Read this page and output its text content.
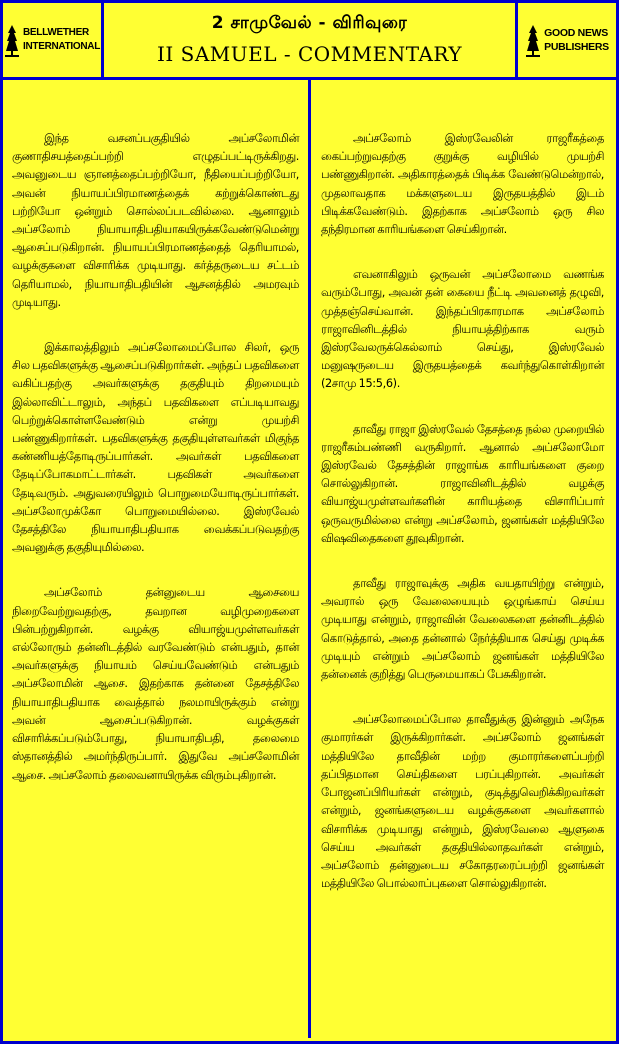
BELLWETHER
INTERNATIONAL
2 சாமுவேல் - விரிவுரை
II SAMUEL - COMMENTARY
GOOD NEWS
PUBLISHERS

இந்த வசனப்பகுதியில் அப்சலோமின் குணாதிசயத்தைப்பற்றி எழுதப்பட்டிருக்கிறது. அவனுடைய ஞானத்தைப்பற்றியோ, நீதியைப்பற்றியோ, அவன் நியாயப்பிரமாணத்தைக் கற்றுக்கொண்டது பற்றியோ ஒன்றும் சொல்லப்படவில்லை. ஆனாலும் அப்சலோம் நியாயாதிபதியாகயிருக்கவேண்டுமென்று ஆசைப்படுகிறான். நியாயப்பிரமாணத்தைத் தெரியாமல், வழக்குகளை விசாரிக்க முடியாது. கர்த்தருடைய சட்டம் தெரியாமல், நியாயாதிபதியின் ஆசனத்தில் அமரவும் முடியாது.

இக்காலத்திலும் அப்சலோமைப்போல சிலர், ஒரு சில பதவிகளுக்கு ஆசைப்படுகிறார்கள். அந்தப் பதவிகளை வகிப்பதற்கு அவர்களுக்கு தகுதியும் திறமையும் இல்லாவிட்டாலும், அந்தப் பதவிகளை எப்படியாவது பெற்றுக்கொள்ளவேண்டும் என்று முயற்சி பண்ணுகிறார்கள். பதவிகளுக்கு தகுதியுள்ளவர்கள் மிகுந்த கண்ணியத்தோடிருப்பார்கள். அவர்கள் பதவிகளை தேடிப்போகமாட்டார்கள். பதவிகள் அவர்களை தேடிவரும். அதுவரையிலும் பொறுமையோடிருப்பார்கள். அப்சலோமுக்கோ பொறுமையில்லை. இஸ்ரவேல் தேசத்திலே நியாயாதிபதியாக வைக்கப்படுவதற்கு அவனுக்கு தகுதியுமில்லை.

அப்சலோம் தன்னுடைய ஆசையை நிறைவேற்றுவதற்கு, தவறான வழிமுறைகளை பின்பற்றுகிறான். வழக்கு வியாஜ்யமுள்ளவர்கள் எல்லோரும் தன்னிடத்தில் வரவேண்டும் என்பதும், தான் அவர்களுக்கு நியாயம் செய்யவேண்டும் என்பதும் அப்சலோமின் ஆசை. இதற்காக தன்னை தேசத்திலே நியாயாதிபதியாக வைத்தால் நலமாயிருக்கும் என்று அவன் ஆசைப்படுகிறான். வழக்குகள் விசாரிக்கப்படும்போது, நியாயாதிபதி, தலைமை ஸ்தானத்தில் அமர்ந்திருப்பார். இதுவே அப்சலோமின் ஆசை. அப்சலோம் தலைவனாயிருக்க விரும்புகிறான்.

அப்சலோம் இஸ்ரவேலின் ராஜரீகத்தை கைப்பற்றுவதற்கு குறுக்கு வழியில் முயற்சி பண்ணுகிறான். அதிகாரத்தைக் பிடிக்க வேண்டுமென்றால், முதலாவதாக மக்களுடைய இருதயத்தில் இடம் பிடிக்கவேண்டும். இதற்காக அப்சலோம் ஒரு சில தந்திரமான காரியங்களை செய்கிறான்.

எவனாகிலும் ஒருவன் அப்சலோமை வணங்க வரும்போது, அவன் தன் கையை நீட்டி அவனைத் தழுவி, முத்தஞ்செய்வான். இந்தப்பிரகாரமாக அப்சலோம் ராஜாவினிடத்தில் நியாயத்திற்காக வரும் இஸ்ரவேலருக்கெல்லாம் செய்து, இஸ்ரவேல் மனுஷருடைய இருதயத்தைக் கவர்ந்துகொள்கிறான் (2சாமு 15:5,6).

தாவீது ராஜா இஸ்ரவேல் தேசத்தை நல்ல முறையில் ராஜரீகம்பண்ணி வருகிறார். ஆனால் அப்சலோமோ இஸ்ரவேல் தேசத்தின் ராஜாங்க காரியங்களை குறை சொல்லுகிறான். ராஜாவினிடத்தில் வழக்கு வியாஜ்யமுள்ளவர்களின் காரியத்தை விசாரிப்பார் ஒருவருமில்லை என்று அப்சலோம், ஜனங்கள் மத்தியிலே விஷவிதைகளை தூவுகிறான்.

தாவீது ராஜாவுக்கு அதிக வயதாயிற்று என்றும், அவரால் ஒரு வேலையையும் ஒழுங்காய் செய்ய முடியாது என்றும், ராஜாவின் வேலைகளை தன்னிடத்தில் கொடுத்தால், அதை தன்னால் நேர்த்தியாக செய்து முடிக்க முடியும் என்றும் அப்சலோம் ஜனங்கள் மத்தியிலே தன்னைக் குறித்து பெருமையாகப் பேசுகிறான்.

அப்சலோமைப்போல தாவீதுக்கு இன்னும் அநேக குமாரர்கள் இருக்கிறார்கள். அப்சலோம் ஜனங்கள் மத்தியிலே தாவீதின் மற்ற குமாரர்களைப்பற்றி தப்பிதமான செய்திகளை பரப்புகிறான். அவர்கள் போஜனப்பிரியர்கள் என்றும், குடித்துவெறிக்கிறவர்கள் என்றும், ஜனங்களுடைய வழக்குகளை அவர்களால் விசாரிக்க முடியாது என்றும், இஸ்ரவேலை ஆளுகை செய்ய அவர்கள் தகுதியில்லாதவர்கள் என்றும், அப்சலோம் தன்னுடைய சகோதரரைப்பற்றி ஜனங்கள் மத்தியிலே பொல்லாப்புகளை சொல்லுகிறான்.
